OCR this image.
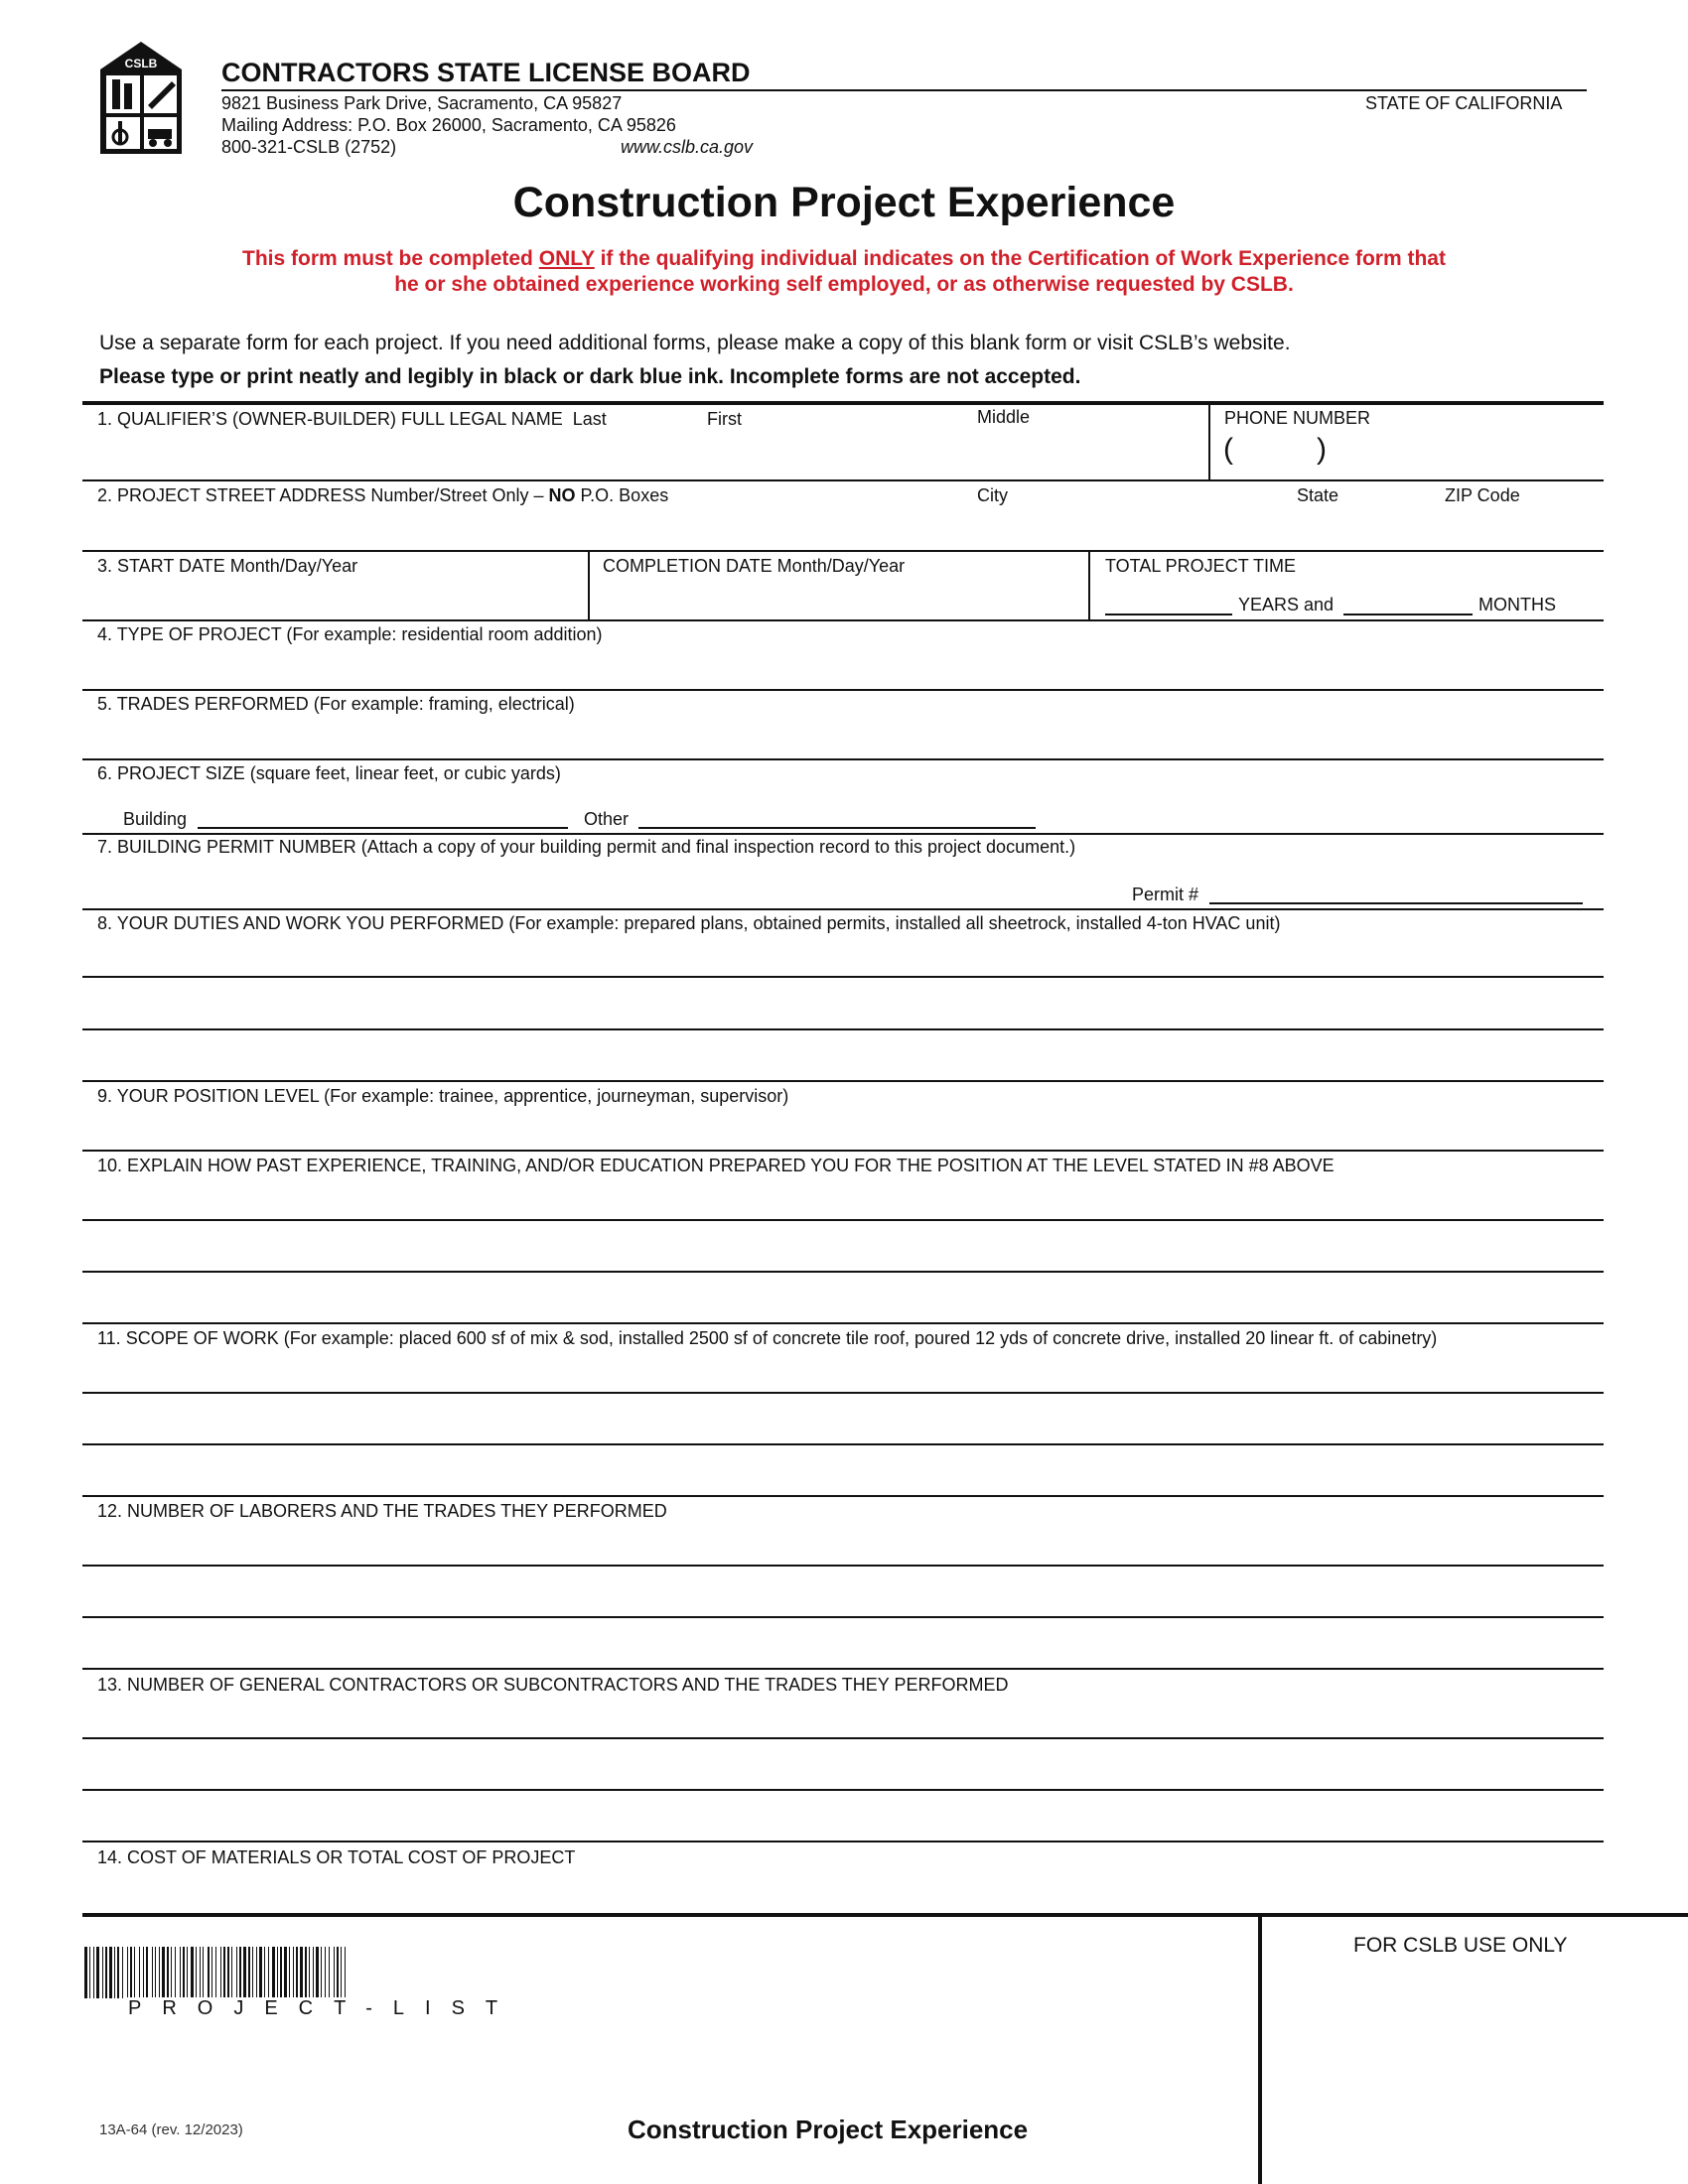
CSLB	CONTRACTORS STATE LICENSE BOARD
9821 Business Park Drive, Sacramento, CA 95827
Mailing Address: P.O. Box 26000, Sacramento, CA 95826
800-321-CSLB (2752)	www.cslb.ca.gov
STATE OF CALIFORNIA
Construction Project Experience
This form must be completed ONLY if the qualifying individual indicates on the Certification of Work Experience form that
he or she obtained experience working self employed, or as otherwise requested by CSLB.
Use a separate form for each project. If you need additional forms, please make a copy of this blank form or visit CSLB’s website.
Please type or print neatly and legibly in black or dark blue ink. Incomplete forms are not accepted.
1. QUALIFIER’S (OWNER-BUILDER) FULL LEGAL NAME Last	First	Middle	PHONE NUMBER
(	)
2. PROJECT STREET ADDRESS Number/Street Only – NO P.O. Boxes	City	State	ZIP Code
3. START DATE Month/Day/Year	COMPLETION DATE Month/Day/Year	TOTAL PROJECT TIME
YEARS and	MONTHS
4. TYPE OF PROJECT (For example: residential room addition)
5. TRADES PERFORMED (For example: framing, electrical)
6. PROJECT SIZE (square feet, linear feet, or cubic yards)
Building	Other
7. BUILDING PERMIT NUMBER (Attach a copy of your building permit and final inspection record to this project document.)
Permit #
8. YOUR DUTIES AND WORK YOU PERFORMED (For example: prepared plans, obtained permits, installed all sheetrock, installed 4-ton HVAC unit)
9. YOUR POSITION LEVEL (For example: trainee, apprentice, journeyman, supervisor)
10. EXPLAIN HOW PAST EXPERIENCE, TRAINING, AND/OR EDUCATION PREPARED YOU FOR THE POSITION AT THE LEVEL STATED IN #8 ABOVE
11. SCOPE OF WORK (For example: placed 600 sf of mix & sod, installed 2500 sf of concrete tile roof, poured 12 yds of concrete drive, installed 20 linear ft. of cabinetry)
12. NUMBER OF LABORERS AND THE TRADES THEY PERFORMED
13. NUMBER OF GENERAL CONTRACTORS OR SUBCONTRACTORS AND THE TRADES THEY PERFORMED
14. COST OF MATERIALS OR TOTAL COST OF PROJECT
FOR CSLB USE ONLY
PROJECT-LIST
13A-64 (rev. 12/2023)	Construction Project Experience
